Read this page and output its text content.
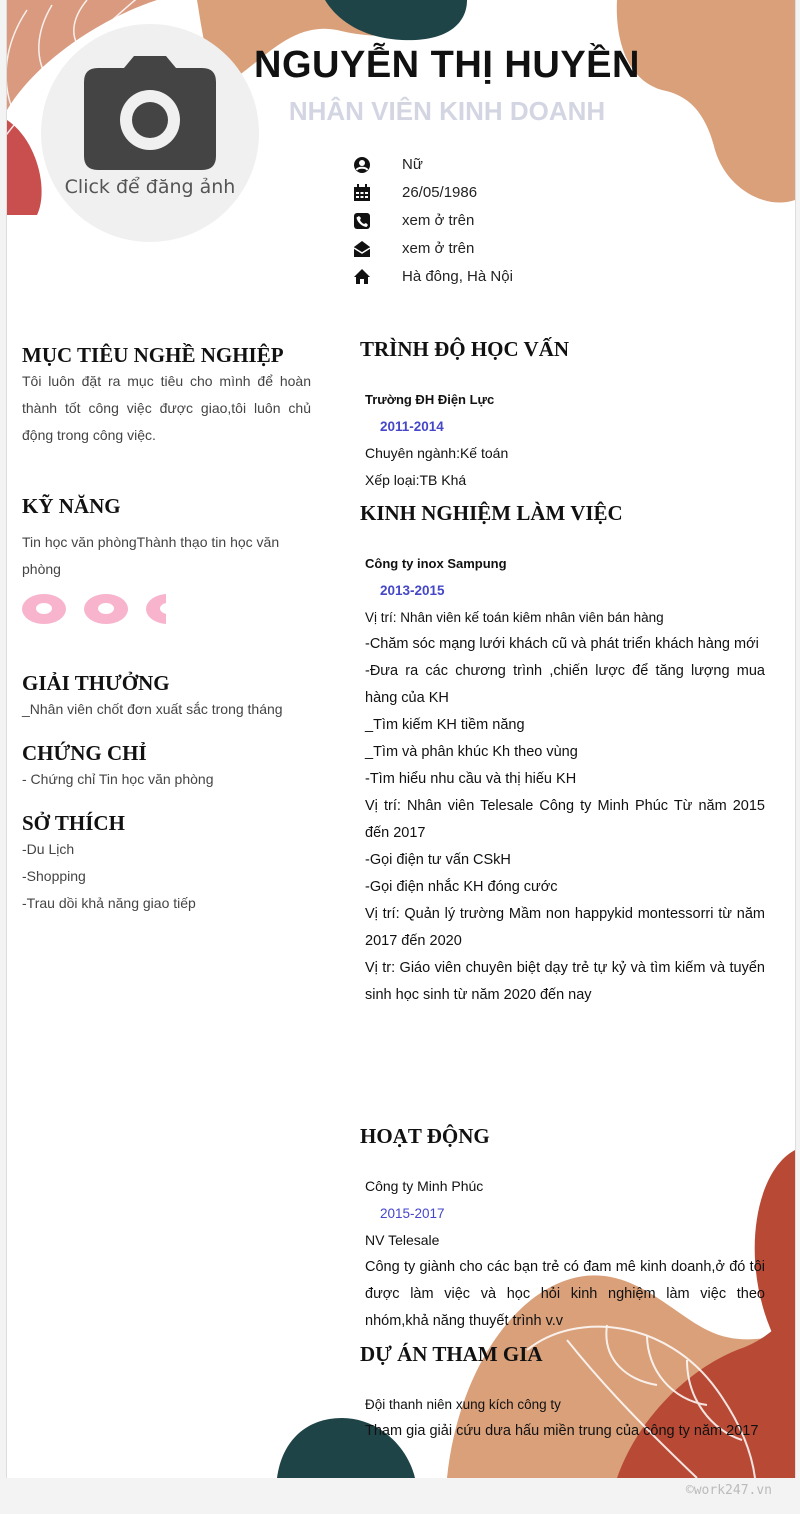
Click để đăng ảnh
NGUYỄN THỊ HUYỀN
NHÂN VIÊN KINH DOANH
Nữ
26/05/1986
xem ở trên
xem ở trên
Hà đông, Hà Nội
MỤC TIÊU NGHỀ NGHIỆP
Tôi luôn đặt ra mục tiêu cho mình để hoàn thành tốt công việc được giao,tôi luôn chủ động trong công việc.
KỸ NĂNG
Tin học văn phòngThành thạo tin học văn phòng
GIẢI THƯỞNG
_Nhân viên chốt đơn xuất sắc trong tháng
CHỨNG CHỈ
- Chứng chỉ Tin học văn phòng
SỞ THÍCH
-Du Lịch
-Shopping
-Trau dồi khả năng giao tiếp
TRÌNH ĐỘ HỌC VẤN
Trường ĐH Điện Lực
2011-2014
Chuyên ngành:Kế toán
Xếp loại:TB Khá
KINH NGHIỆM LÀM VIỆC
Công ty inox Sampung
2013-2015
Vị trí: Nhân viên kế toán kiêm nhân viên bán hàng
-Chăm sóc mạng lưới khách cũ và phát triển khách hàng mới
-Đưa ra các chương trình ,chiến lược để tăng lượng mua hàng của KH
_Tìm kiếm KH tiềm năng
_Tìm và phân khúc Kh theo vùng
-Tìm hiểu nhu cầu và thị hiếu KH
Vị trí: Nhân viên Telesale Công ty Minh Phúc Từ năm 2015 đến 2017
-Gọi điện tư vấn CSkH
-Gọi điện nhắc KH đóng cước
Vị trí: Quản lý trường Mầm non happykid montessorri từ năm 2017 đến 2020
Vị tr: Giáo viên chuyên biệt dạy trẻ tự kỷ và tìm kiếm và tuyển sinh học sinh từ năm 2020 đến nay
HOẠT ĐỘNG
Công ty Minh Phúc
2015-2017
NV Telesale
Công ty giành cho các bạn trẻ có đam mê kinh doanh,ở đó tôi được làm việc và học hỏi kinh nghiệm làm việc theo nhóm,khả năng thuyết trình v.v
DỰ ÁN THAM GIA
Đội thanh niên xung kích công ty
Tham gia giải cứu dưa hấu miền trung của công ty năm 2017
©work247.vn
